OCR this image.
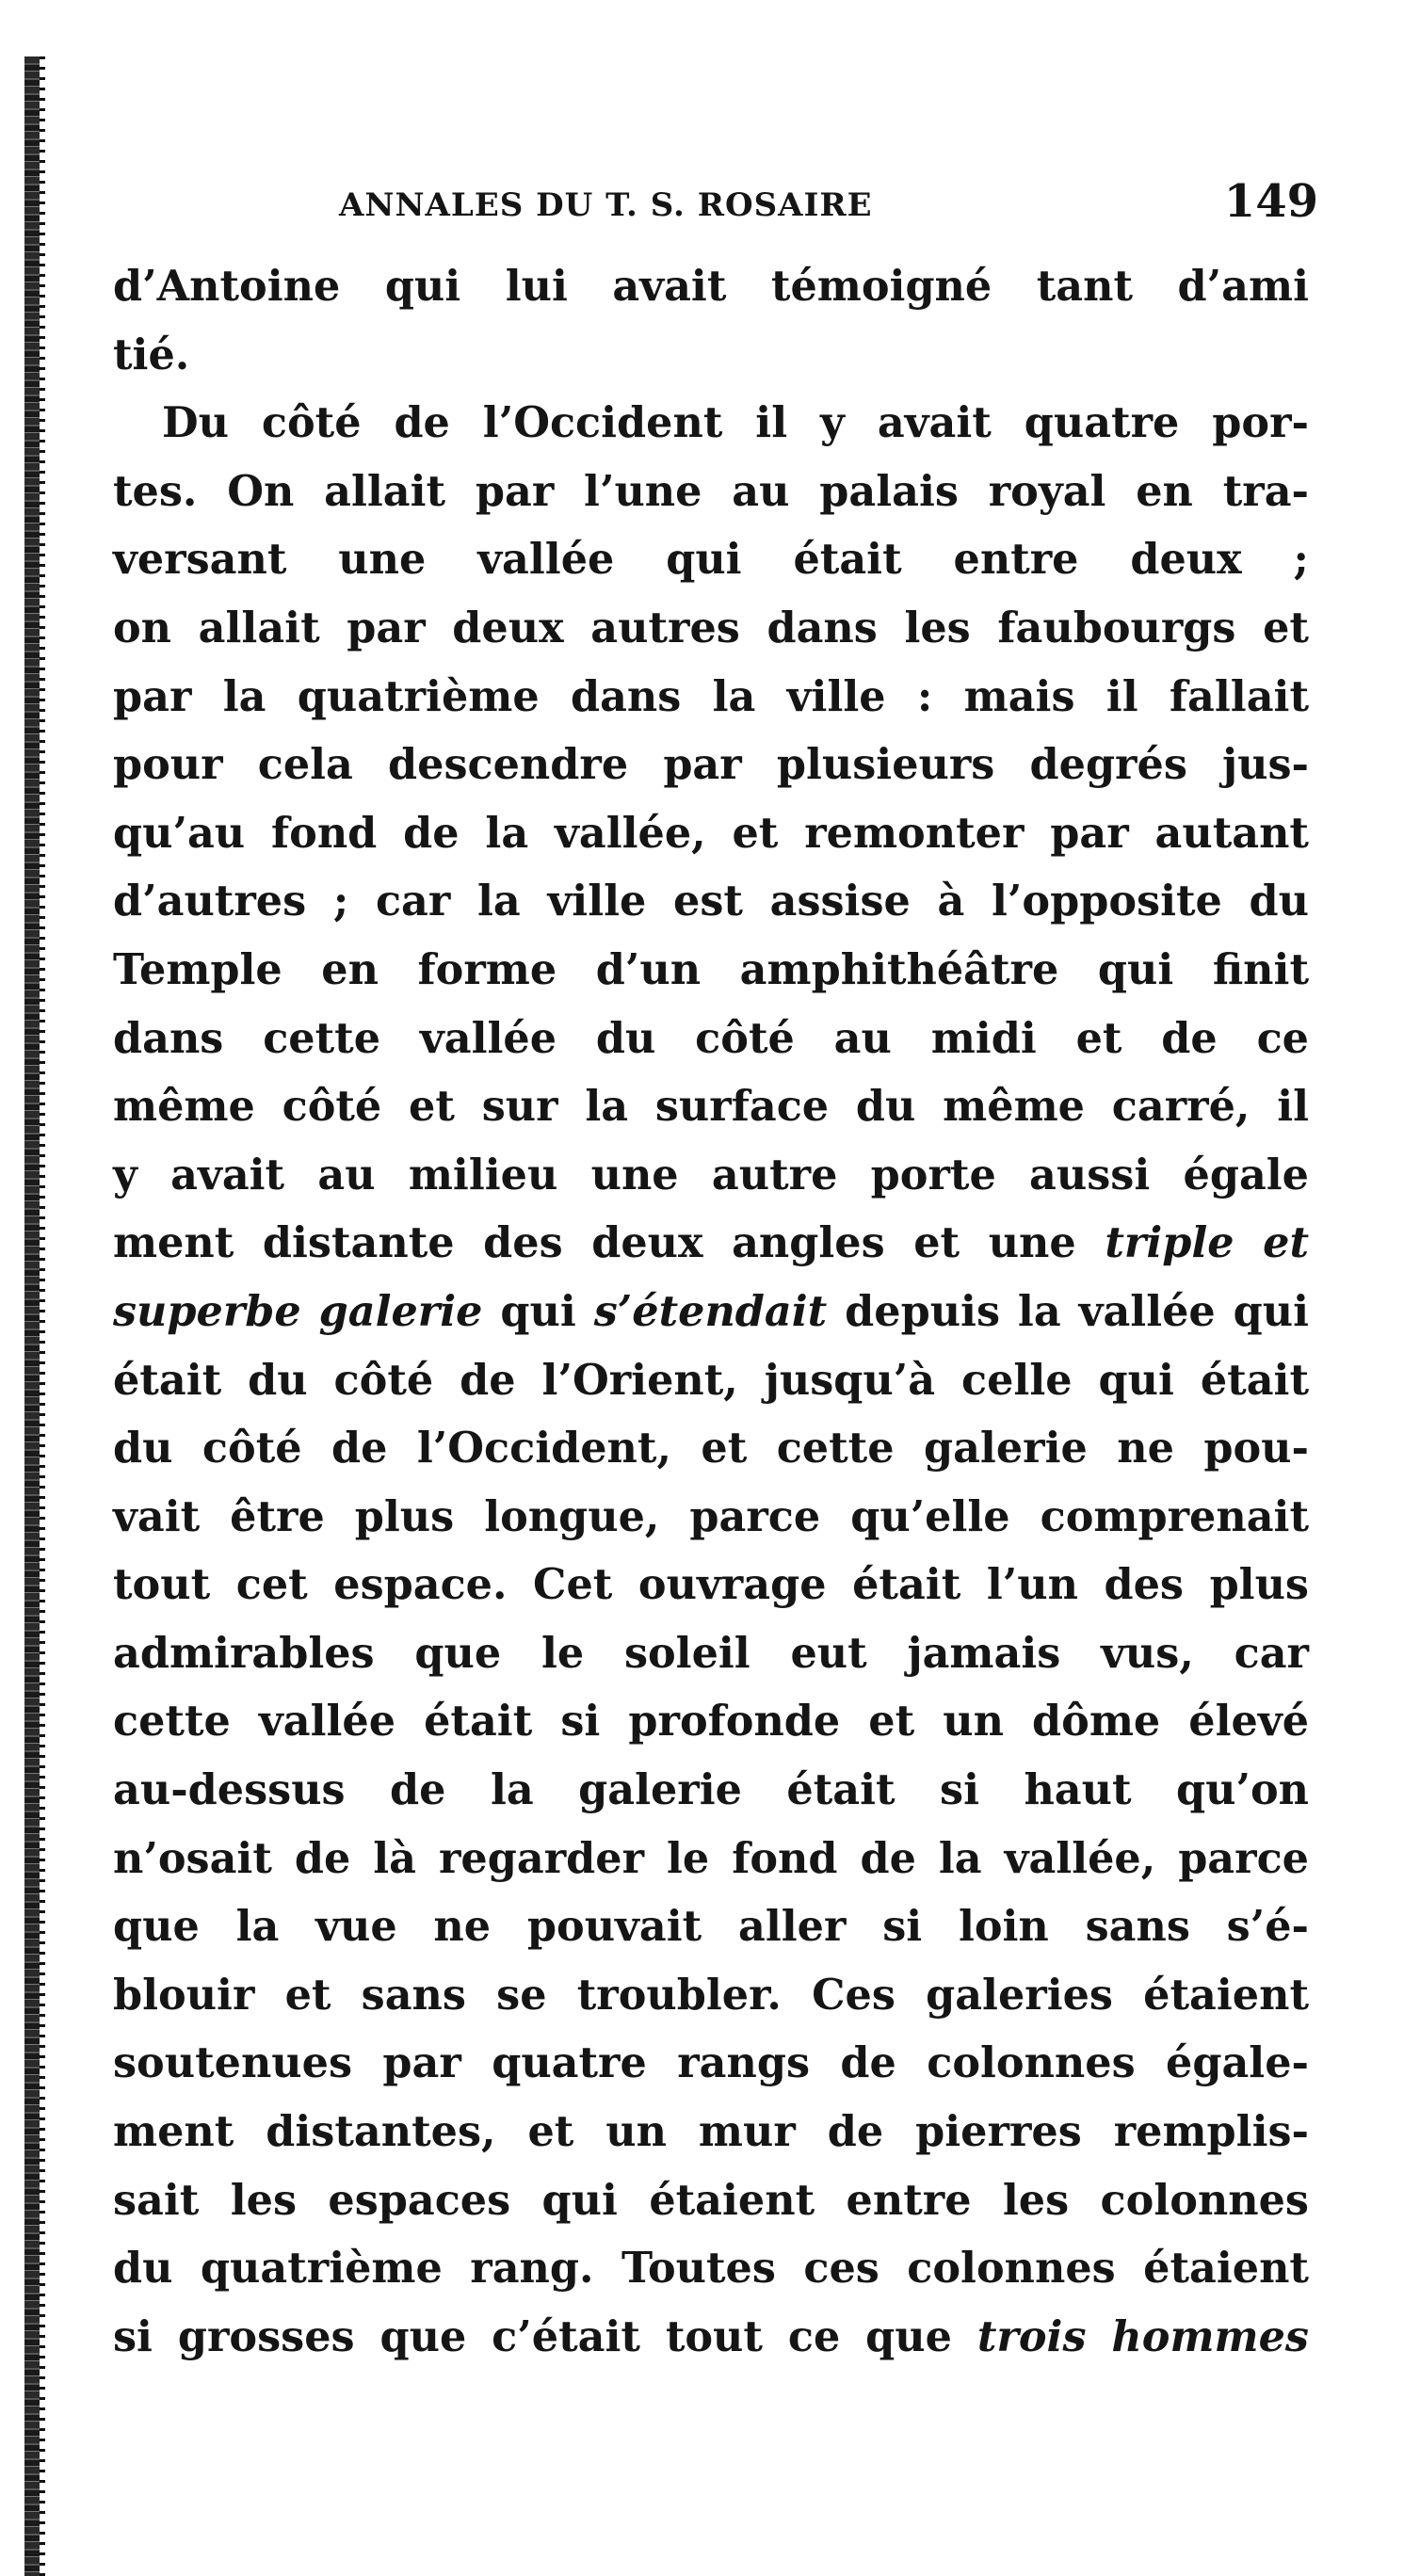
ANNALES DU T. S. ROSAIRE	149
d’Antoine qui lui avait témoigné tant d’ami
tié.
Du côté de l’Occident il y avait quatre por-
tes. On allait par l’une au palais royal en tra-
versant une vallée qui était entre deux ;
on allait par deux autres dans les faubourgs et
par la quatrième dans la ville : mais il fallait
pour cela descendre par plusieurs degrés jus-
qu’au fond de la vallée, et remonter par autant
d’autres ; car la ville est assise à l’opposite du
Temple en forme d’un amphithéâtre qui finit
dans cette vallée du côté au midi et de ce
même côté et sur la surface du même carré, il
y avait au milieu une autre porte aussi égale
ment distante des deux angles et une triple et
superbe galerie qui s’étendait depuis la vallée qui
était du côté de l’Orient, jusqu’à celle qui était
du côté de l’Occident, et cette galerie ne pou-
vait être plus longue, parce qu’elle comprenait
tout cet espace. Cet ouvrage était l’un des plus
admirables que le soleil eut jamais vus, car
cette vallée était si profonde et un dôme élevé
au-dessus de la galerie était si haut qu’on
n’osait de là regarder le fond de la vallée, parce
que la vue ne pouvait aller si loin sans s’é-
blouir et sans se troubler. Ces galeries étaient
soutenues par quatre rangs de colonnes égale-
ment distantes, et un mur de pierres remplis-
sait les espaces qui étaient entre les colonnes
du quatrième rang. Toutes ces colonnes étaient
si grosses que c’était tout ce que trois hommes
